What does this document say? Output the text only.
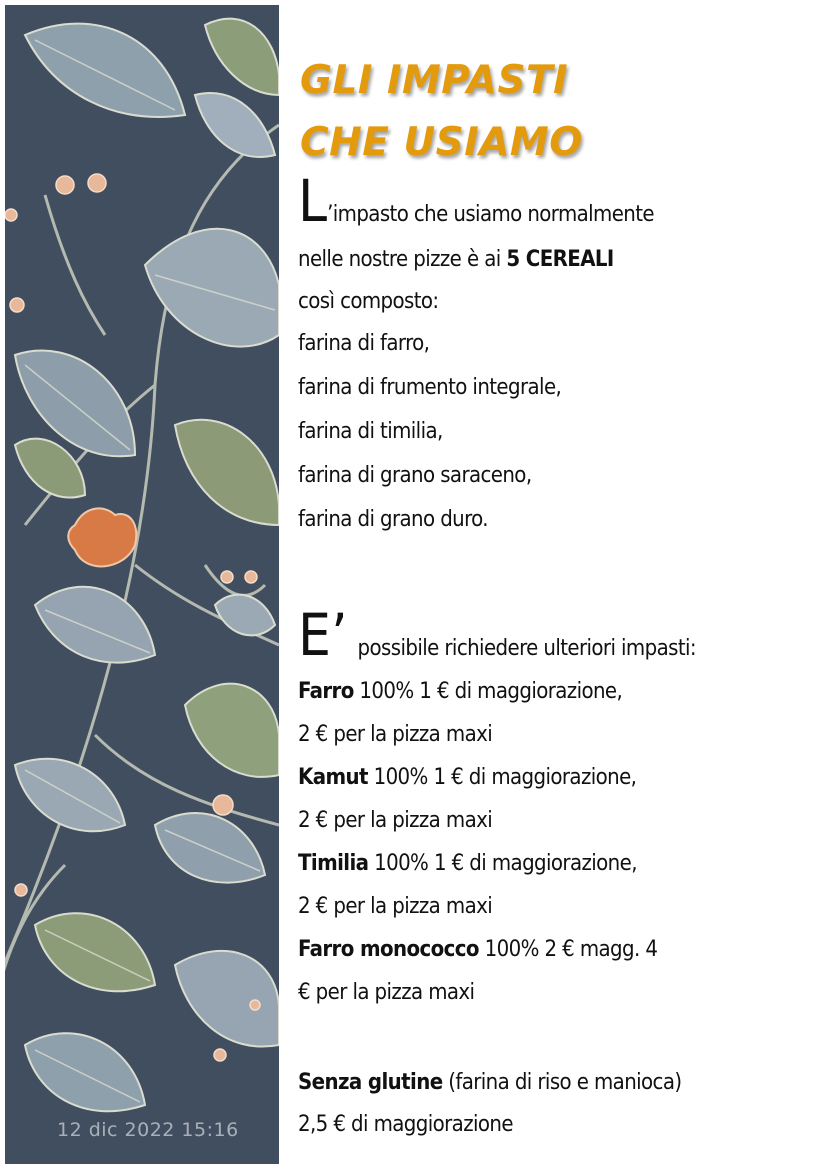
12 dic 2022 15:16
GLI IMPASTI
CHE USIAMO
L’impasto che usiamo normalmente
nelle nostre pizze è ai 5 CEREALI
così composto:
farina di farro,
farina di frumento integrale,
farina di timilia,
farina di grano saraceno,
farina di grano duro.
E’ possibile richiedere ulteriori impasti:
Farro 100% 1 € di maggiorazione,
2 € per la pizza maxi
Kamut 100% 1 € di maggiorazione,
2 € per la pizza maxi
Timilia 100% 1 € di maggiorazione,
2 € per la pizza maxi
Farro monococco 100% 2 € magg. 4
€ per la pizza maxi
Senza glutine (farina di riso e manioca)
2,5 € di maggiorazione
